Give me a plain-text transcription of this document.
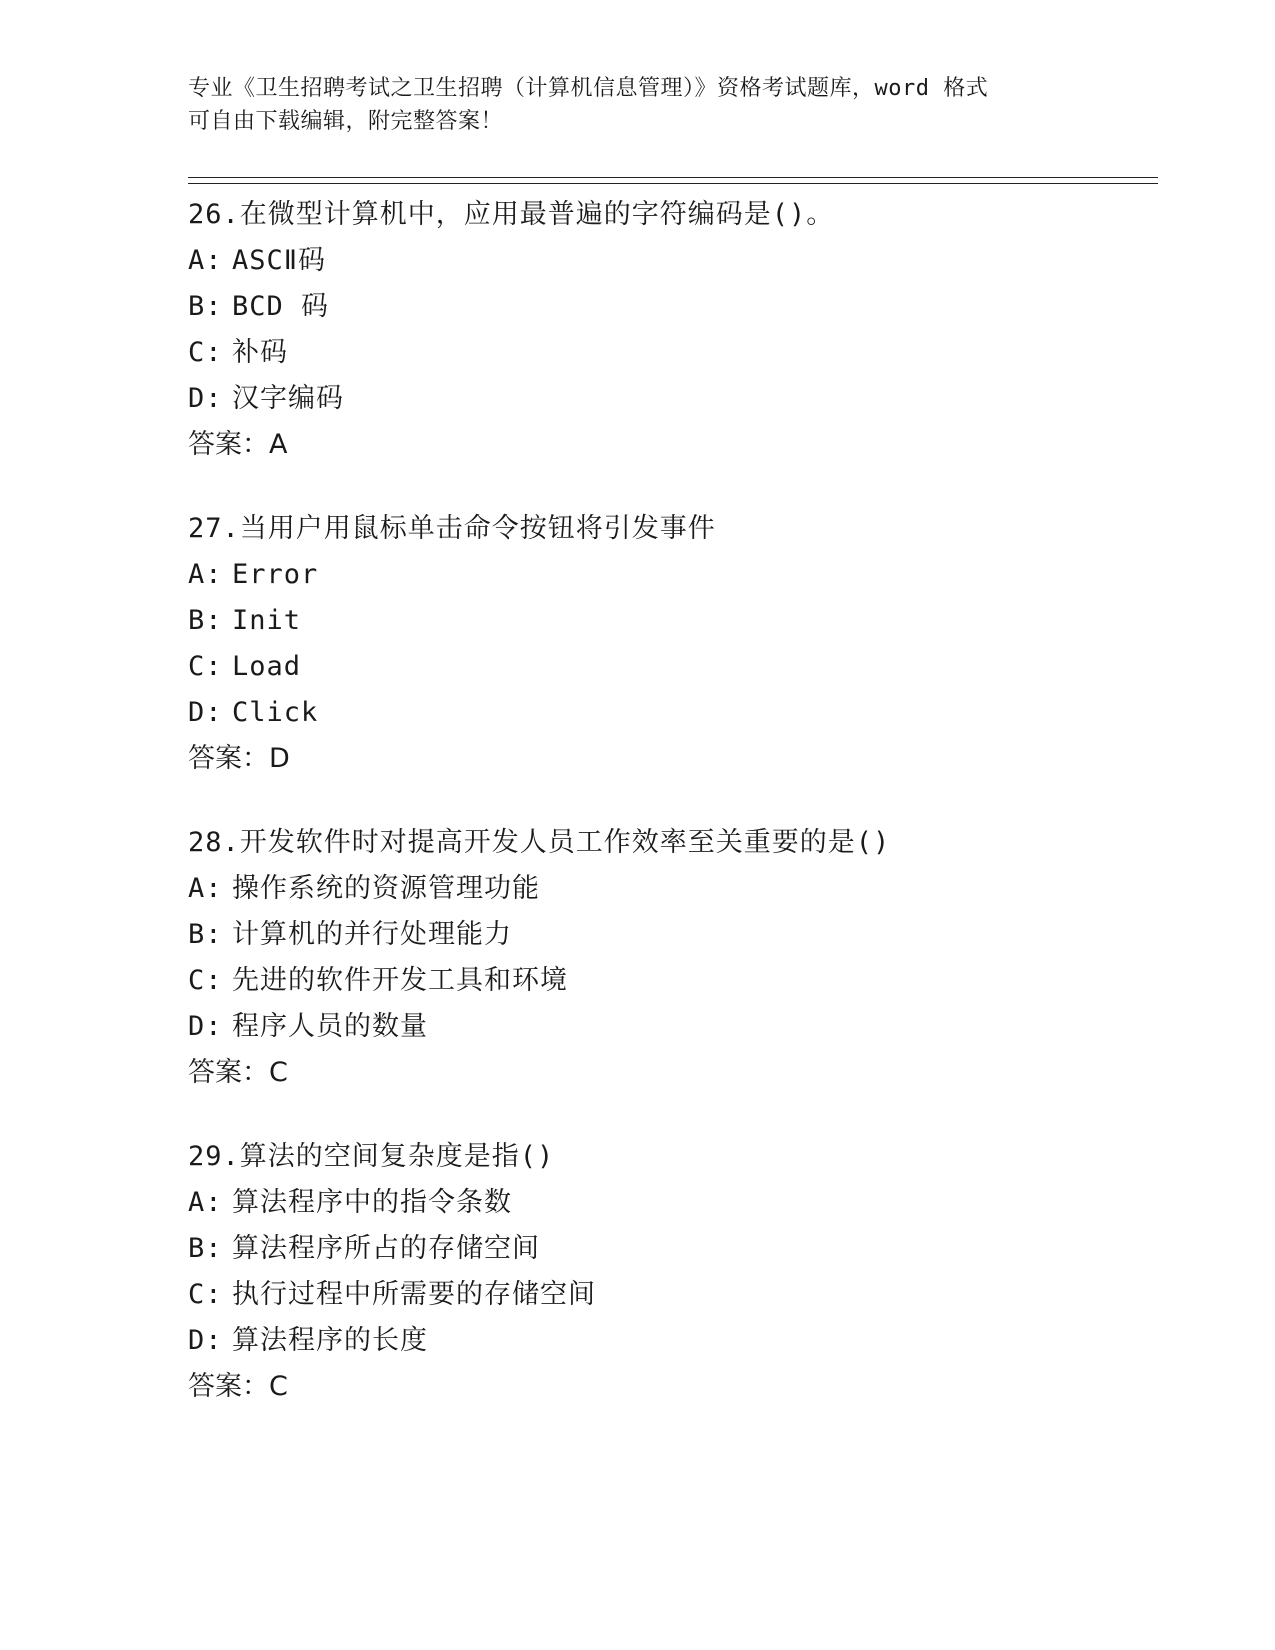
专业《卫生招聘考试之卫生招聘（计算机信息管理）》资格考试题库，word 格式
可自由下载编辑，附完整答案！
26.在微型计算机中，应用最普遍的字符编码是()。
A: ASCⅡ码
B: BCD 码
C: 补码
D: 汉字编码
答案：A
27.当用户用鼠标单击命令按钮将引发事件
A: Error
B: Init
C: Load
D: Click
答案：D
28.开发软件时对提高开发人员工作效率至关重要的是()
A: 操作系统的资源管理功能
B: 计算机的并行处理能力
C: 先进的软件开发工具和环境
D: 程序人员的数量
答案：C
29.算法的空间复杂度是指()
A: 算法程序中的指令条数
B: 算法程序所占的存储空间
C: 执行过程中所需要的存储空间
D: 算法程序的长度
答案：C
